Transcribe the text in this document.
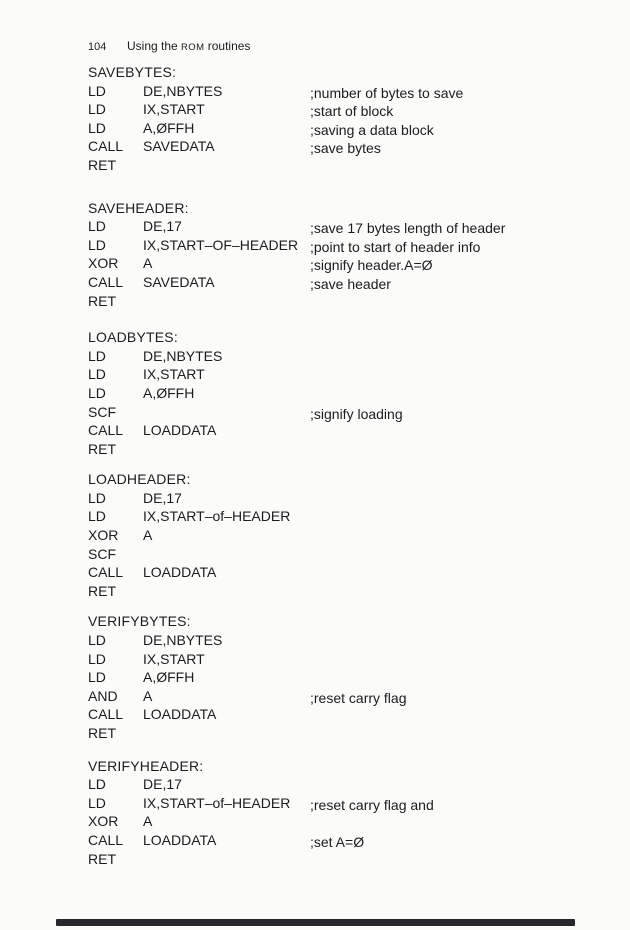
104 Using the ROM routines
SAVEBYTES:
LD	DE,NBYTES	;number of bytes to save
LD	IX,START	;start of block
LD	A,ØFFH	;saving a data block
CALL SAVEDATA	;save bytes
RET
SAVEHEADER:
LD	DE,17	;save 17 bytes length of header
LD	IX,START–OF–HEADER ;point to start of header info
XOR A	;signify header.A=Ø
CALL SAVEDATA	;save header
RET
LOADBYTES:
LD	DE,NBYTES
LD	IX,START
LD	A,ØFFH
SCF	;signify loading
CALL LOADDATA
RET
LOADHEADER:
LD	DE,17
LD	IX,START–of–HEADER
XOR A
SCF
CALL LOADDATA
RET
VERIFYBYTES:
LD	DE,NBYTES
LD	IX,START
LD	A,ØFFH
AND A	;reset carry flag
CALL LOADDATA
RET
VERIFYHEADER:
LD	DE,17
LD	IX,START–of–HEADER ;reset carry flag and
XOR A
CALL LOADDATA	;set A=Ø
RET
